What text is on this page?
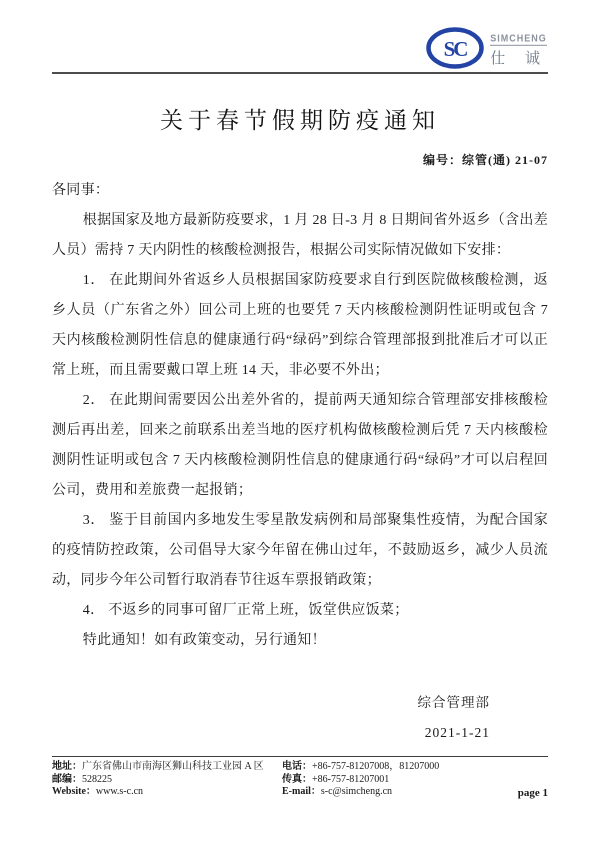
SC	SIMCHENG
仕 诚
关于春节假期防疫通知
编号：综管(通) 21-07

各同事：

根据国家及地方最新防疫要求，1 月 28 日-3 月 8 日期间省外返乡（含出差人员）需持 7 天内阴性的核酸检测报告，根据公司实际情况做如下安排：

1． 在此期间外省返乡人员根据国家防疫要求自行到医院做核酸检测，返乡人员（广东省之外）回公司上班的也要凭 7 天内核酸检测阴性证明或包含 7 天内核酸检测阴性信息的健康通行码“绿码”到综合管理部报到批准后才可以正常上班，而且需要戴口罩上班 14 天，非必要不外出；

2． 在此期间需要因公出差外省的，提前两天通知综合管理部安排核酸检测后再出差，回来之前联系出差当地的医疗机构做核酸检测后凭 7 天内核酸检测阴性证明或包含 7 天内核酸检测阴性信息的健康通行码“绿码”才可以启程回公司，费用和差旅费一起报销；

3． 鉴于目前国内多地发生零星散发病例和局部聚集性疫情，为配合国家的疫情防控政策，公司倡导大家今年留在佛山过年，不鼓励返乡，减少人员流动，同步今年公司暂行取消春节往返车票报销政策；

4． 不返乡的同事可留厂正常上班，饭堂供应饭菜；

特此通知！如有政策变动，另行通知！

综合管理部
2021-1-21
地址：广东省佛山市南海区狮山科技工业园 A 区
邮编：528225
Website：www.s-c.cn
电话：+86-757-81207008，81207000
传真：+86-757-81207001
E-mail：s-c@simcheng.cn	page 1
